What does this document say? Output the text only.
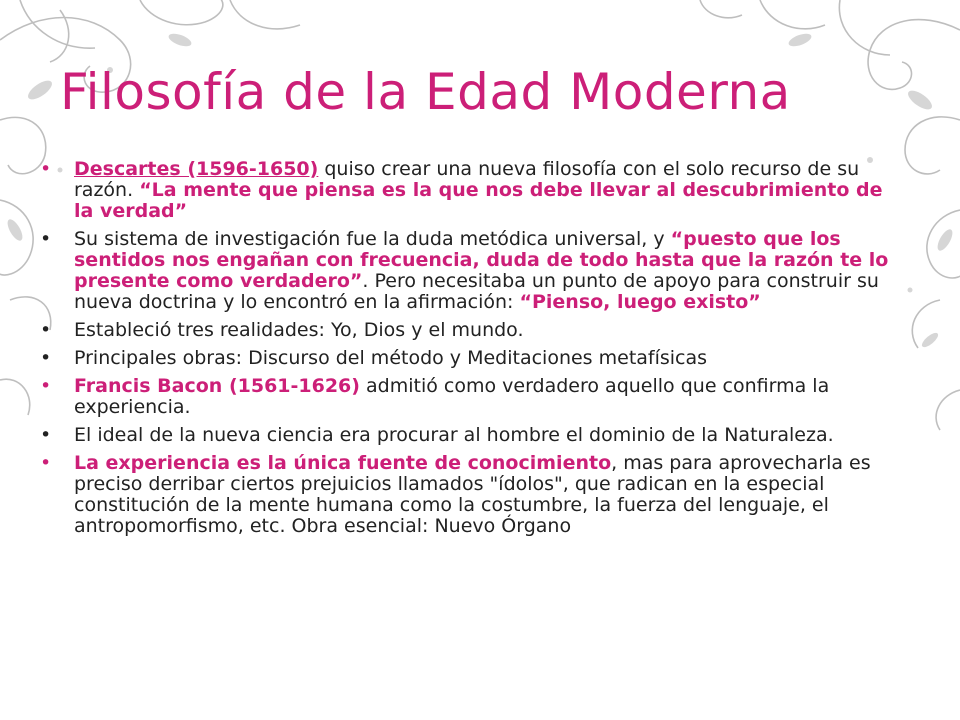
Filosofía de la Edad Moderna
• Descartes (1596-1650) quiso crear una nueva filosofía con el solo recurso de su razón. “La mente que piensa es la que nos debe llevar al descubrimiento de la verdad”
• Su sistema de investigación fue la duda metódica universal, y “puesto que los sentidos nos engañan con frecuencia, duda de todo hasta que la razón te lo presente como verdadero”. Pero necesitaba un punto de apoyo para construir su nueva doctrina y lo encontró en la afirmación: “Pienso, luego existo”
• Estableció tres realidades: Yo, Dios y el mundo.
• Principales obras: Discurso del método y Meditaciones metafísicas
• Francis Bacon (1561-1626) admitió como verdadero aquello que confirma la experiencia.
• El ideal de la nueva ciencia era procurar al hombre el dominio de la Naturaleza.
• La experiencia es la única fuente de conocimiento, mas para aprovecharla es preciso derribar ciertos prejuicios llamados "ídolos", que radican en la especial constitución de la mente humana como la costumbre, la fuerza del lenguaje, el antropomorfismo, etc. Obra esencial: Nuevo Órgano
